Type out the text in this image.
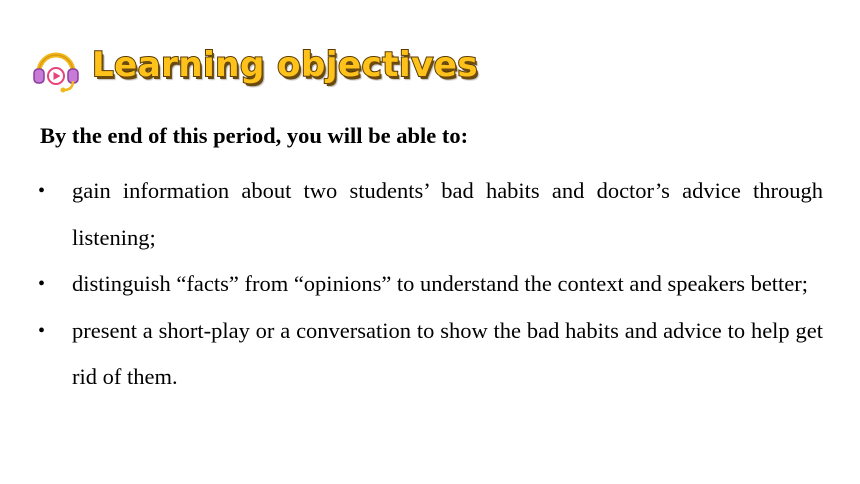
Learning objectives

By the end of this period, you will be able to:

• gain information about two students’ bad habits and doctor’s advice through listening;
• distinguish “facts” from “opinions” to understand the context and speakers better;
• present a short-play or a conversation to show the bad habits and advice to help get rid of them.
